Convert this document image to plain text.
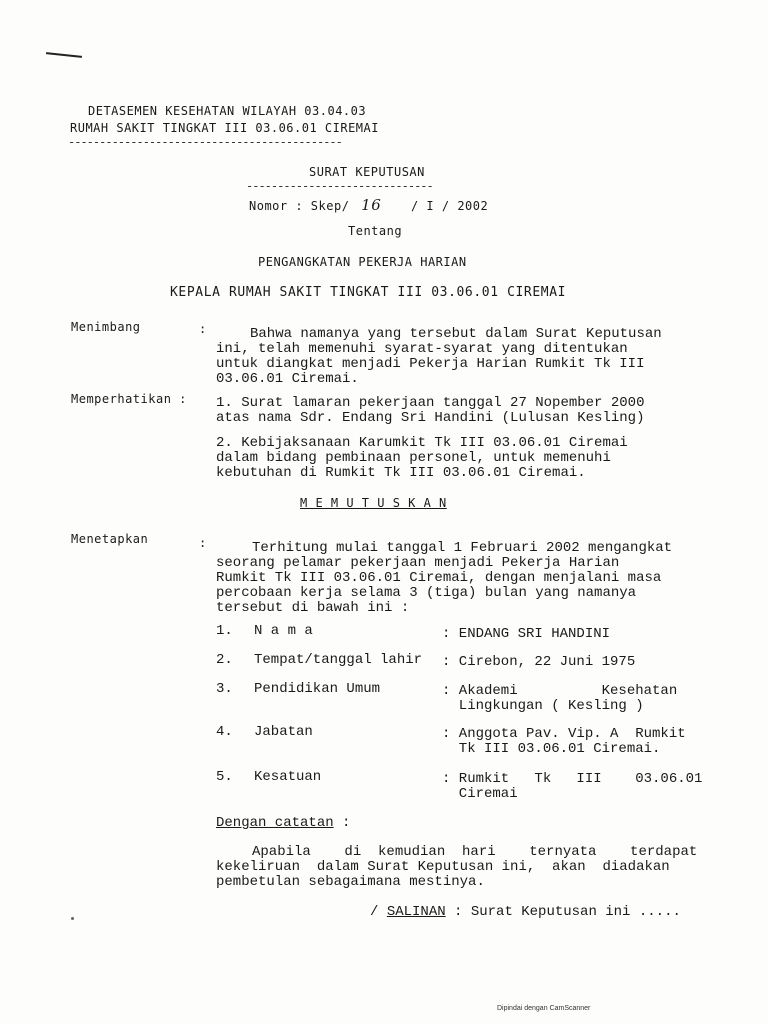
DETASEMEN KESEHATAN WILAYAH 03.04.03
RUMAH SAKIT TINGKAT III 03.06.01 CIREMAI
--------------------------------------------
SURAT KEPUTUSAN
------------------------------
Nomor : Skep/ 16 / I / 2002
Tentang
PENGANGKATAN PEKERJA HARIAN
KEPALA RUMAH SAKIT TINGKAT III 03.06.01 CIREMAI
Menimbang	:	Bahwa namanya yang tersebut dalam Surat Keputusan
ini, telah memenuhi syarat-syarat yang ditentukan
untuk diangkat menjadi Pekerja Harian Rumkit Tk III
03.06.01 Ciremai.
Memperhatikan : 1. Surat lamaran pekerjaan tanggal 27 Nopember 2000
atas nama Sdr. Endang Sri Handini (Lulusan Kesling)
2. Kebijaksanaan Karumkit Tk III 03.06.01 Ciremai
dalam bidang pembinaan personel, untuk memenuhi
kebutuhan di Rumkit Tk III 03.06.01 Ciremai.
M E M U T U S K A N
Menetapkan	:	Terhitung mulai tanggal 1 Februari 2002 mengangkat
seorang pelamar pekerjaan menjadi Pekerja Harian
Rumkit Tk III 03.06.01 Ciremai, dengan menjalani masa
percobaan kerja selama 3 (tiga) bulan yang namanya
tersebut di bawah ini :
1. N a m a	: ENDANG SRI HANDINI
2. Tempat/tanggal lahir : Cirebon, 22 Juni 1975
3. Pendidikan Umum	: Akademi          Kesehatan
Lingkungan ( Kesling )
4. Jabatan	: Anggota Pav. Vip. A  Rumkit
Tk III 03.06.01 Ciremai.
5. Kesatuan	: Rumkit   Tk   III    03.06.01
Ciremai
Dengan catatan :
Apabila    di  kemudian  hari    ternyata    terdapat
kekeliruan  dalam Surat Keputusan ini,  akan  diadakan
pembetulan sebagaimana mestinya.
/ SALINAN : Surat Keputusan ini .....
Dipindai dengan CamScanner
